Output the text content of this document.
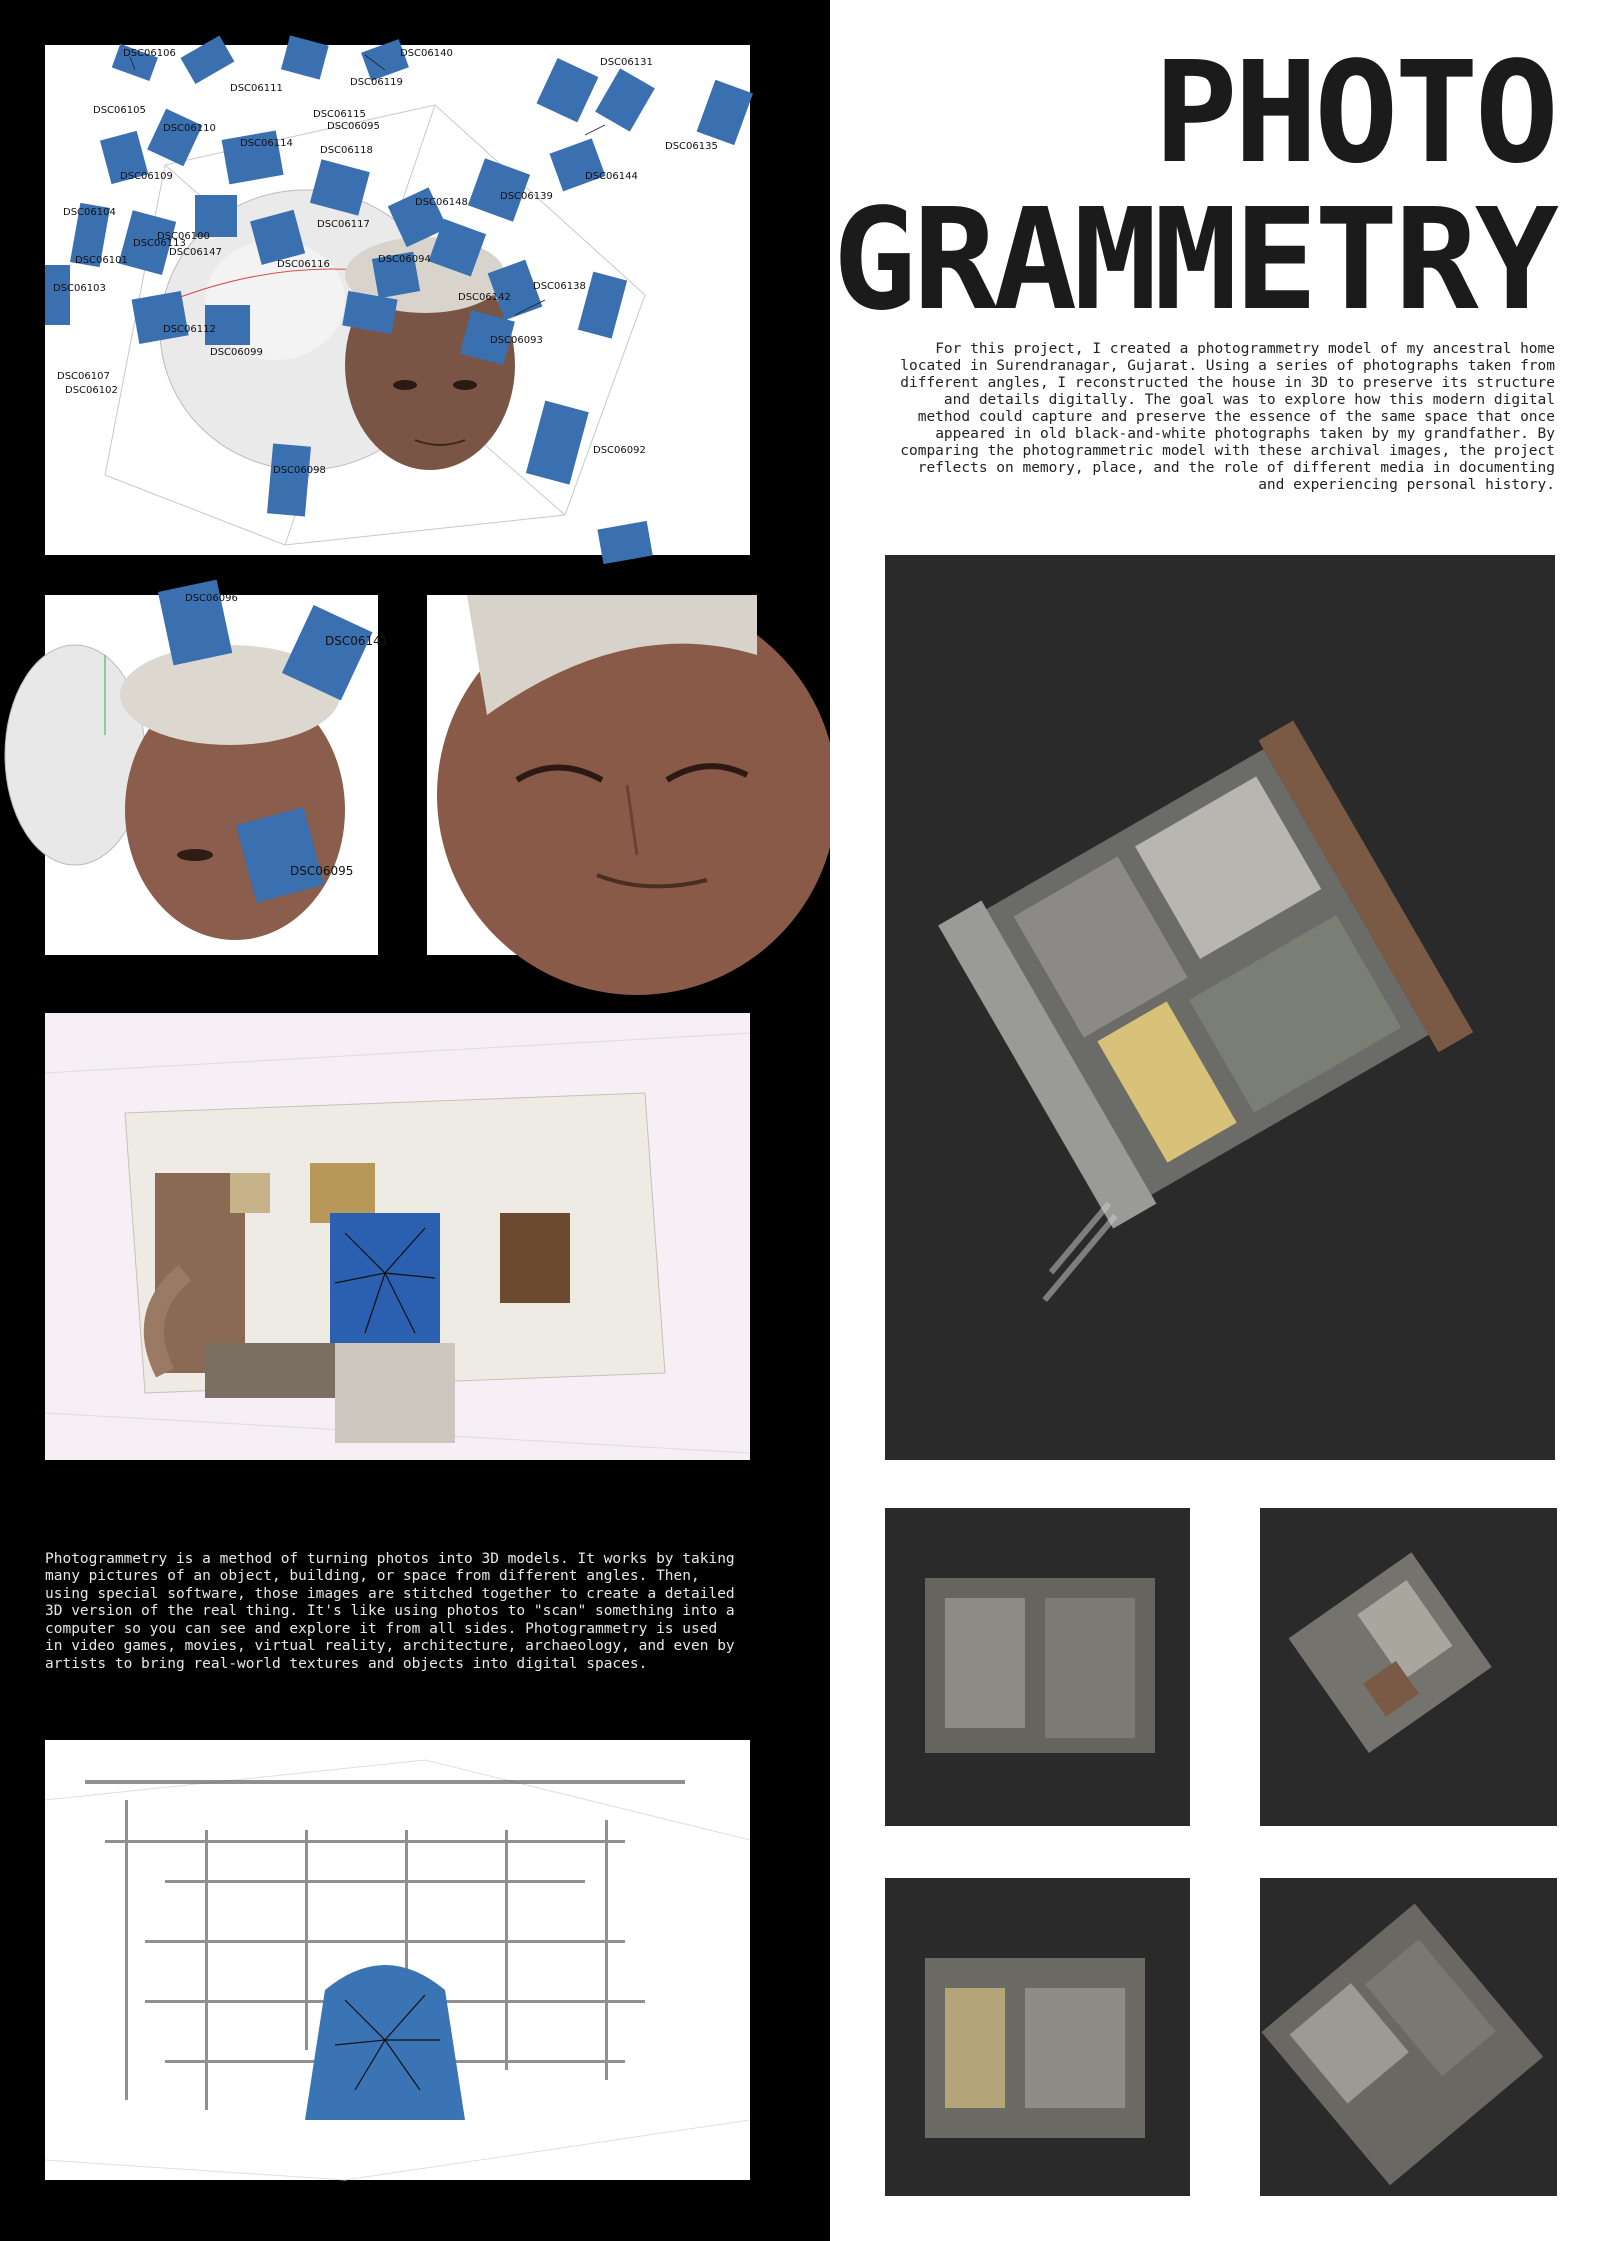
DSC06106	DSC06140
DSC06131
DSC06111
DSC06119
DSC06105	DSC06115
DSC06110	DSC06095
DSC06114
DSC06118	DSC06135
DSC06109	DSC06144
DSC06148
DSC06139
DSC06104
DSC06117
DSC06100
DSC06147
DSC06113
DSC06116	DSC06094
DSC06101
DSC06103	DSC06138
DSC06142
DSC06112
DSC06093
DSC06099
DSC06107
DSC06102
DSC06092
DSC06098
DSC06096
DSC06141
DSC06095

Photogrammetry is a method of turning photos into 3D models. It works by taking many pictures of an object, building, or space from different angles. Then, using special software, those images are stitched together to create a detailed 3D version of the real thing. It's like using photos to "scan" something into a computer so you can see and explore it from all sides. Photogrammetry is used in video games, movies, virtual reality, architecture, archaeology, and even by artists to bring real-world textures and objects into digital spaces.

PHOTO
GRAMMETRY

For this project, I created a photogrammetry model of my ancestral home located in Surendranagar, Gujarat. Using a series of photographs taken from different angles, I reconstructed the house in 3D to preserve its structure and details digitally. The goal was to explore how this modern digital method could capture and preserve the essence of the same space that once appeared in old black-and-white photographs taken by my grandfather. By comparing the photogrammetric model with these archival images, the project reflects on memory, place, and the role of different media in documenting and experiencing personal history.
